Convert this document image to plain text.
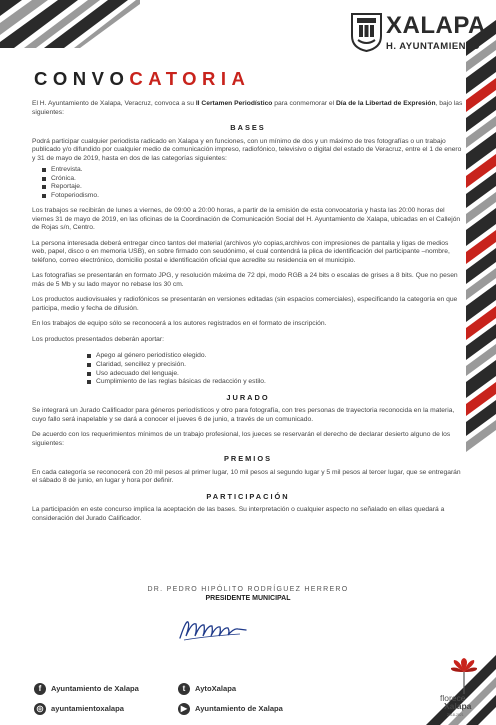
XALAPA
H. AYUNTAMIENTO
CONVOCATORIA

El H. Ayuntamiento de Xalapa, Veracruz, convoca a su II Certamen Periodístico para conmemorar el Día de la Libertad de Expresión, bajo las siguientes:

BASES

Podrá participar cualquier periodista radicado en Xalapa y en funciones, con un mínimo de dos y un máximo de tres fotografías o un trabajo publicado y/o difundido por cualquier medio de comunicación impreso, radiofónico, televisivo o digital del estado de Veracruz, entre el 1 de enero y 31 de mayo de 2019, hasta en dos de las categorías siguientes:

Entrevista.
Crónica.
Reportaje.
Fotoperiodismo.

Los trabajos se recibirán de lunes a viernes, de 09:00 a 20:00 horas, a partir de la emisión de esta convocatoria y hasta las 20:00 horas del viernes 31 de mayo de 2019, en las oficinas de la Coordinación de Comunicación Social del H. Ayuntamiento de Xalapa, ubicadas en el Callejón de Rojas s/n, Centro.

La persona interesada deberá entregar cinco tantos del material (archivos y/o copias,archivos con impresiones de pantalla y ligas de medios web, papel, disco o en memoria USB), en sobre firmado con seudónimo, el cual contendrá la plica de identificación del participante –nombre, teléfono, correo electrónico, domicilio postal e identificación oficial que acredite su residencia en el municipio.

Las fotografías se presentarán en formato JPG, y resolución máxima de 72 dpi, modo RGB a 24 bits o escalas de grises a 8 bits. Que no pesen más de 5 Mb y su lado mayor no rebase los 30 cm.

Los productos audiovisuales y radiofónicos se presentarán en versiones editadas (sin espacios comerciales), especificando la categoría en que participa, medio y fecha de difusión.

En los trabajos de equipo sólo se reconocerá a los autores registrados en el formato de inscripción.

Los productos presentados deberán aportar:

Apego al género periodístico elegido.
Claridad, sencillez y precisión.
Uso adecuado del lenguaje.
Cumplimiento de las reglas básicas de redacción y estilo.
JURADO

Se integrará un Jurado Calificador para géneros periodísticos y otro para fotografía, con tres personas de trayectoria reconocida en la materia, cuyo fallo será inapelable y se dará a conocer el jueves 6 de junio, a través de un comunicado.

De acuerdo con los requerimientos mínimos de un trabajo profesional, los jueces se reservarán el derecho de declarar desierto alguno de los siguientes:

PREMIOS

En cada categoría se reconocerá con 20 mil pesos al primer lugar, 10 mil pesos al segundo lugar y 5 mil pesos al tercer lugar, que se entregarán el sábado 8 de junio, en lugar y hora por definir.

PARTICIPACIÓN

La participación en este concurso implica la aceptación de las bases. Su interpretación o cualquier aspecto no señalado en ellas quedará a consideración del Jurado Calificador.

DR. PEDRO HIPÓLITO RODRÍGUEZ HERRERO
PRESIDENTE MUNICIPAL
f Ayuntamiento de Xalapa	t AytoXalapa
◎ ayuntamientoxalapa	▶ Ayuntamiento de Xalapa
florece
Xalapa
2018-2021
